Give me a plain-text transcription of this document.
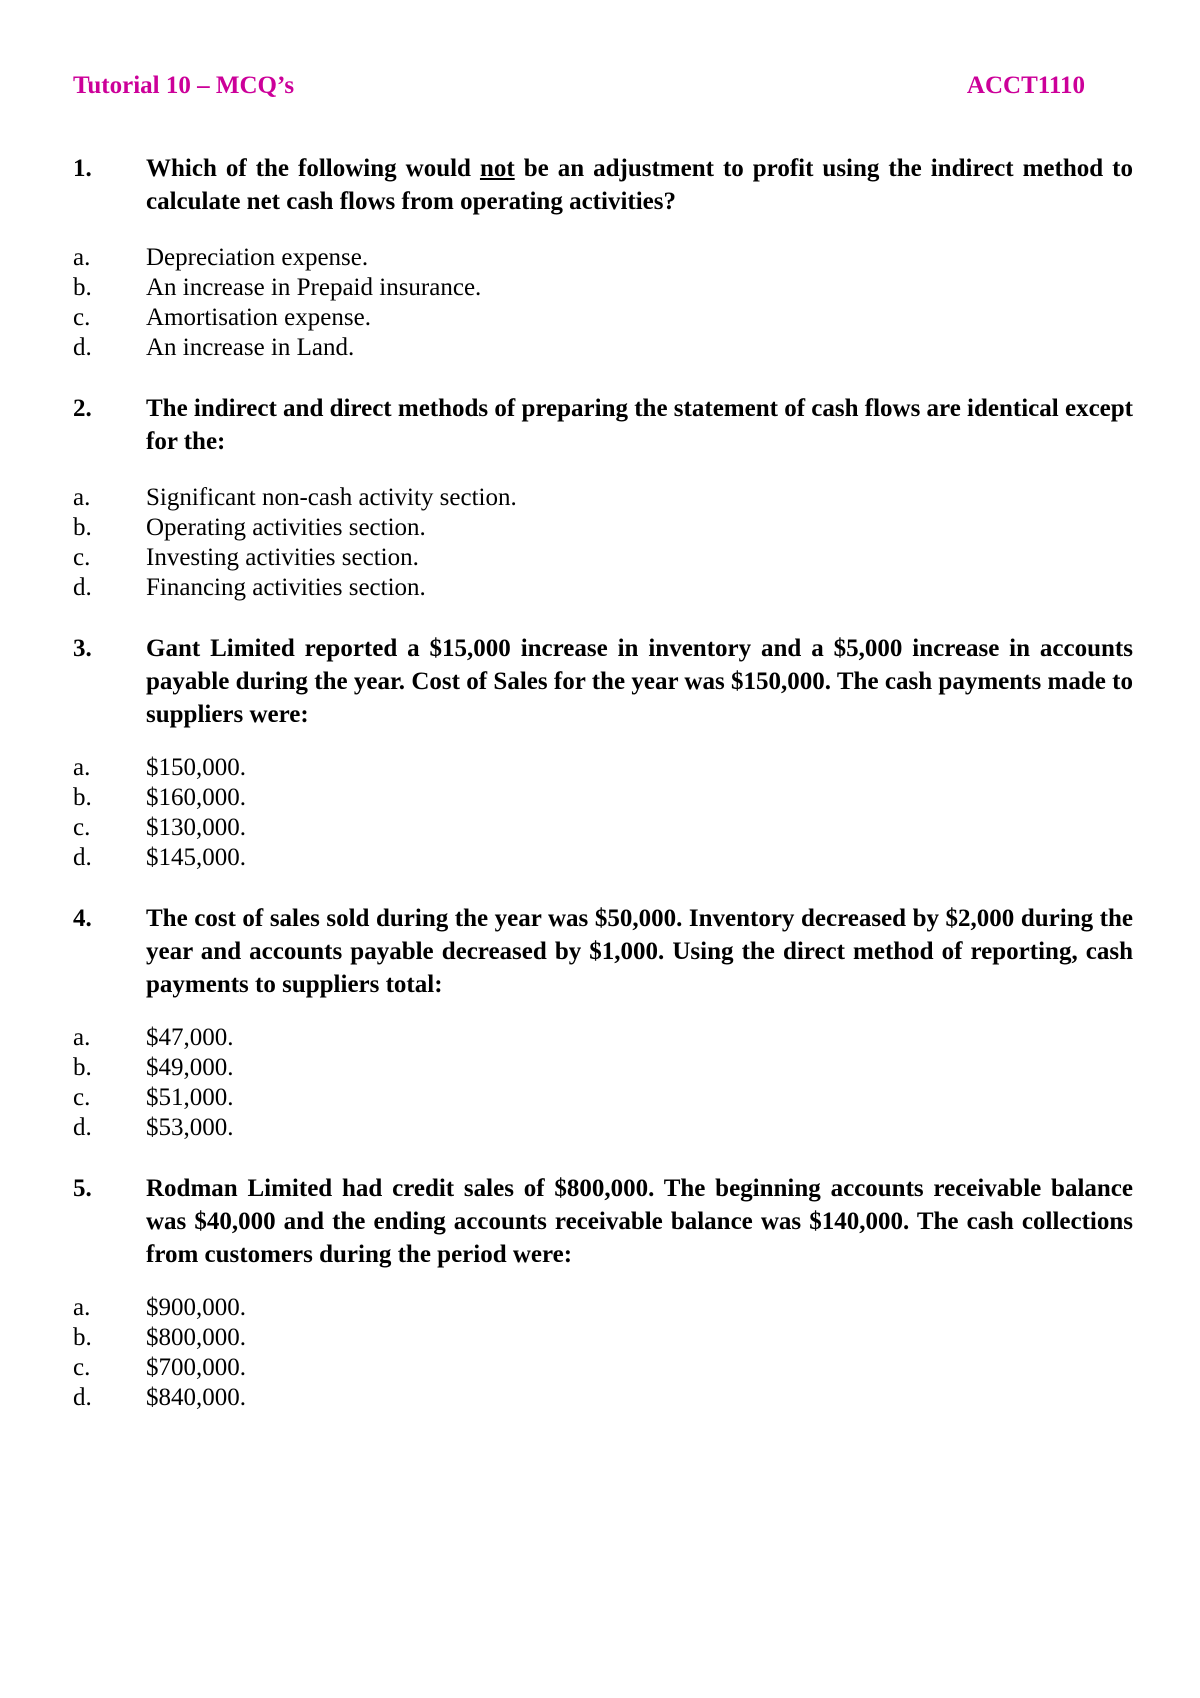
Tutorial 10 – MCQ’s	ACCT1110
1. Which of the following would not be an adjustment to profit using the indirect method to calculate net cash flows from operating activities?
a. Depreciation expense.
b. An increase in Prepaid insurance.
c. Amortisation expense.
d. An increase in Land.
2. The indirect and direct methods of preparing the statement of cash flows are identical except for the:
a. Significant non-cash activity section.
b. Operating activities section.
c. Investing activities section.
d. Financing activities section.
3. Gant Limited reported a $15,000 increase in inventory and a $5,000 increase in accounts payable during the year. Cost of Sales for the year was $150,000. The cash payments made to suppliers were:
a. $150,000.
b. $160,000.
c. $130,000.
d. $145,000.
4. The cost of sales sold during the year was $50,000. Inventory decreased by $2,000 during the year and accounts payable decreased by $1,000. Using the direct method of reporting, cash payments to suppliers total:
a. $47,000.
b. $49,000.
c. $51,000.
d. $53,000.
5. Rodman Limited had credit sales of $800,000. The beginning accounts receivable balance was $40,000 and the ending accounts receivable balance was $140,000. The cash collections from customers during the period were:
a. $900,000.
b. $800,000.
c. $700,000.
d. $840,000.
